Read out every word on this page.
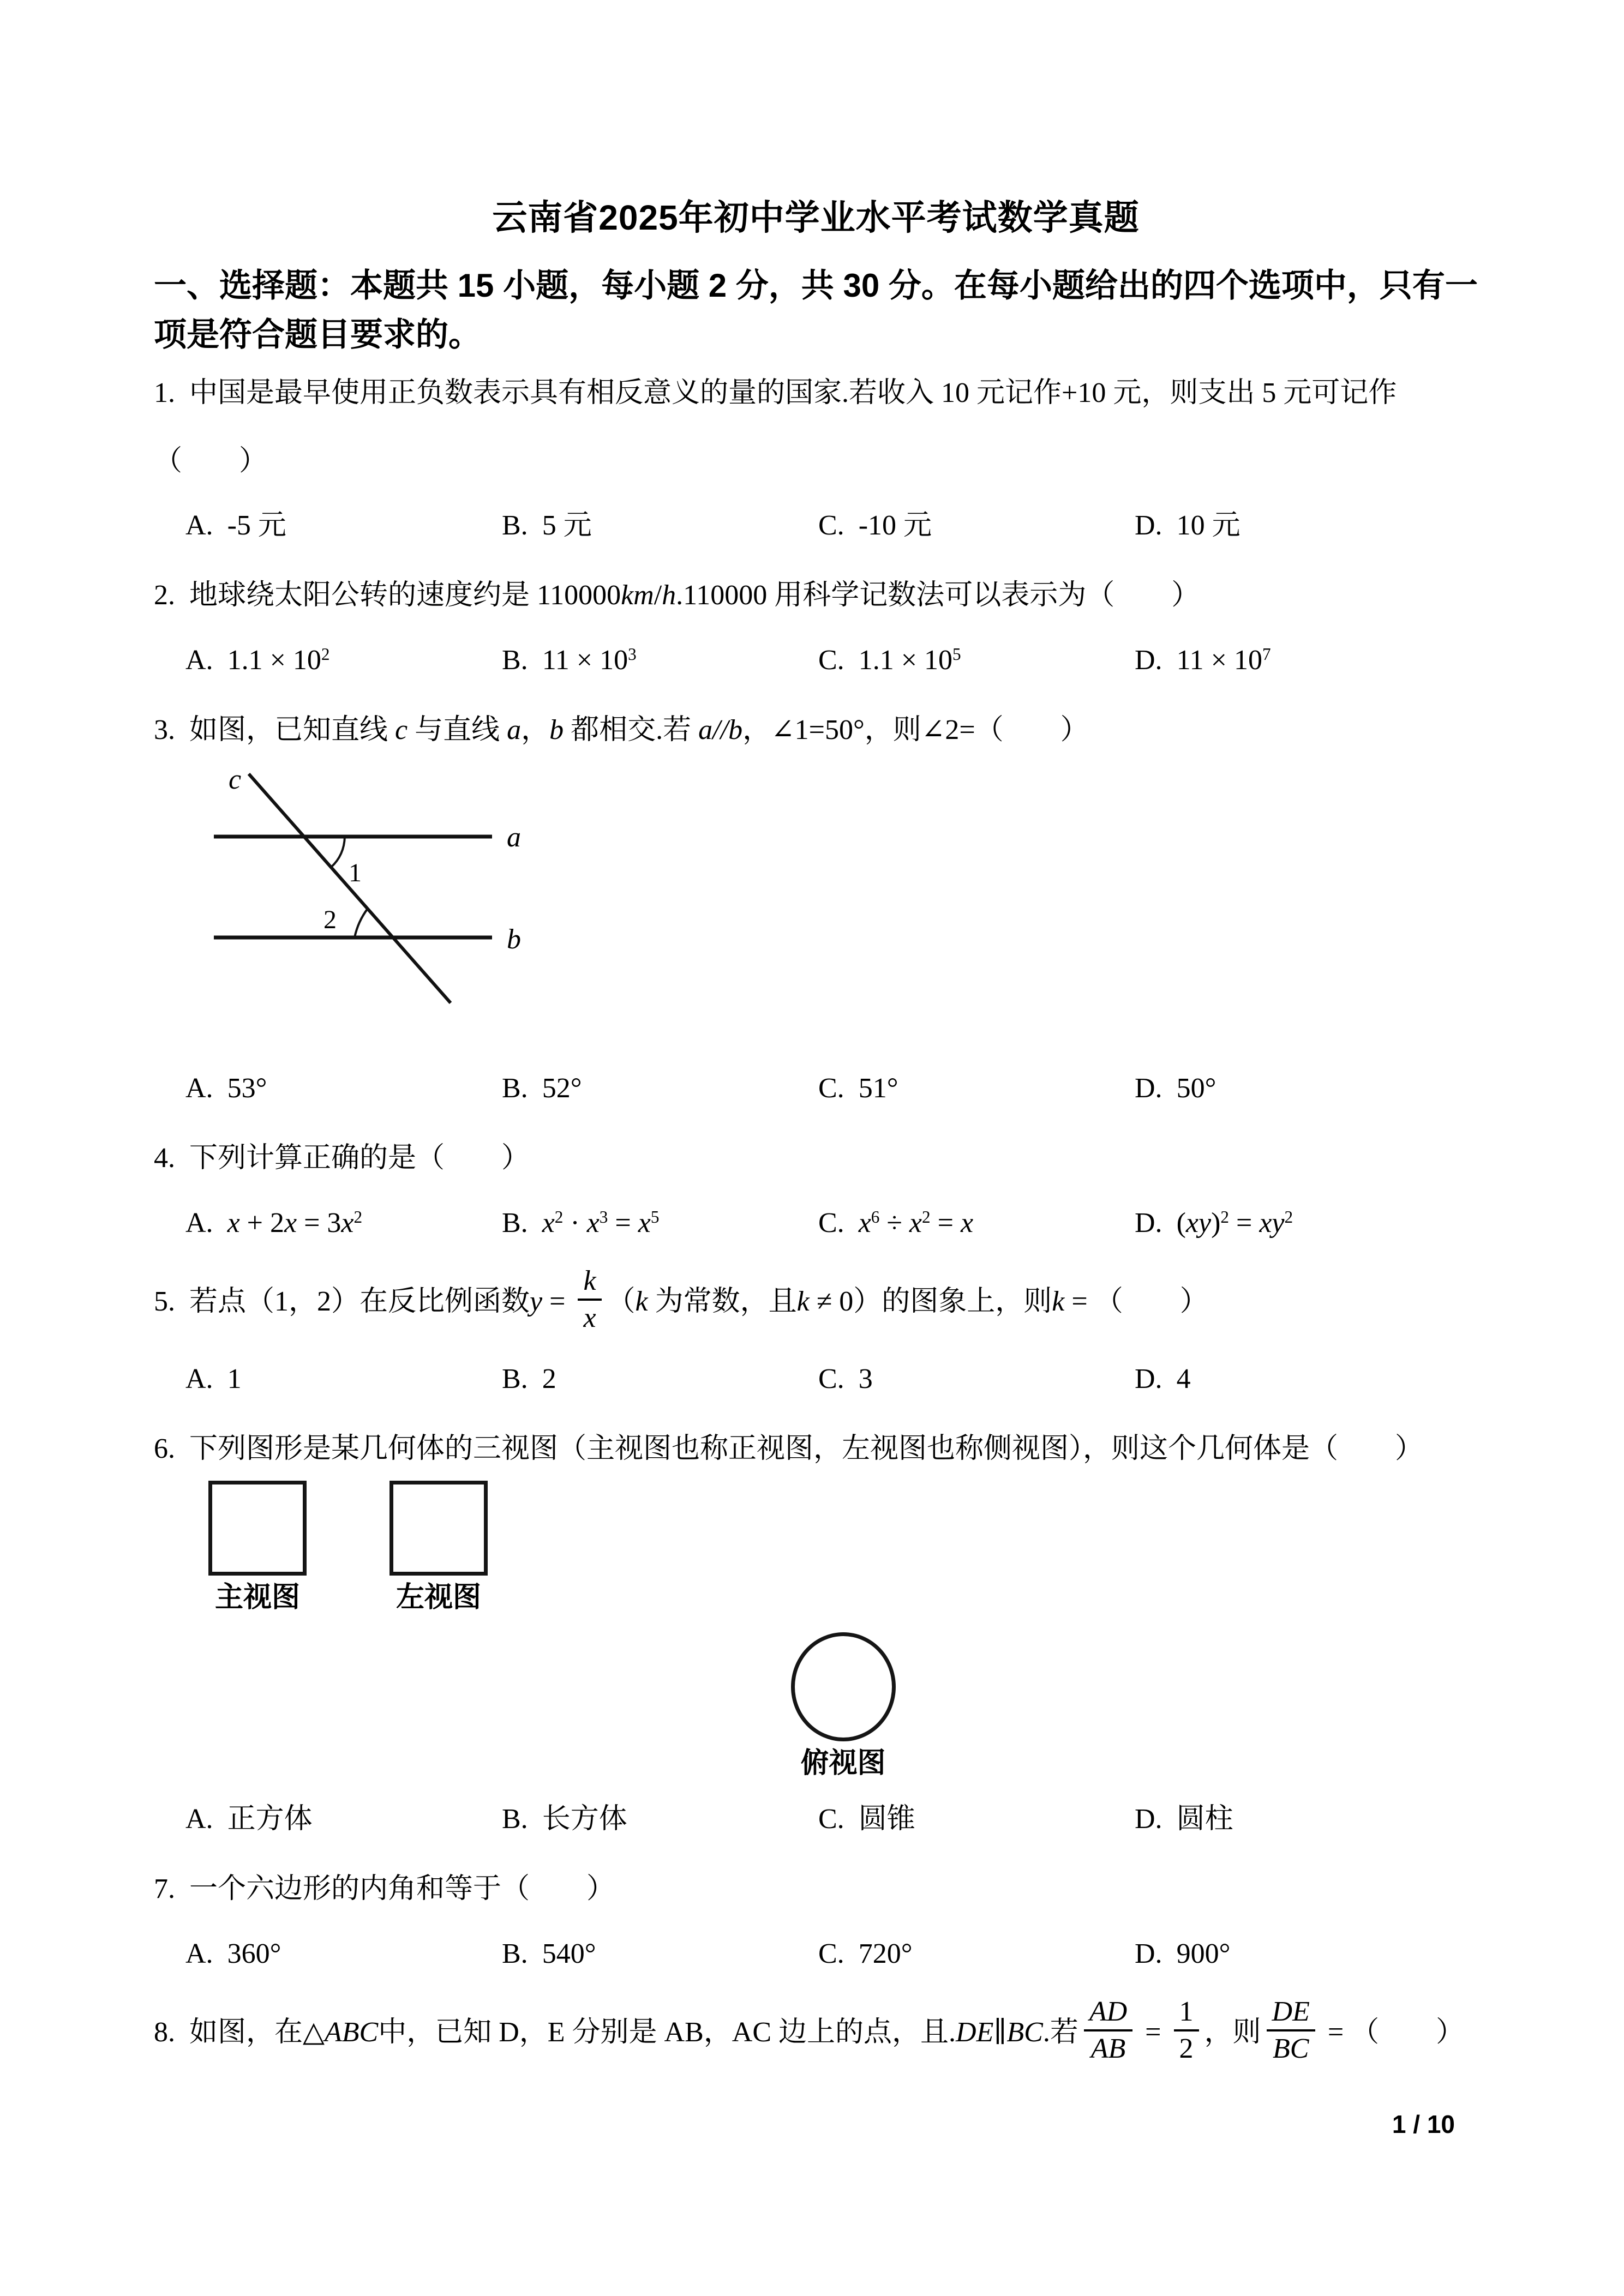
云南省2025年初中学业水平考试数学真题

一、选择题：本题共 15 小题，每小题 2 分，共 30 分。在每小题给出的四个选项中，只有一项是符合题目要求的。

1. 中国是最早使用正负数表示具有相反意义的量的国家.若收入 10 元记作+10 元，则支出 5 元可记作
（　　）
A. -5 元	B. 5 元	C. -10 元	D. 10 元
2. 地球绕太阳公转的速度约是 110000km/h.110000 用科学记数法可以表示为（　　）
A. $1.1 \times 10^2$	B. $11 \times 10^3$	C. $1.1 \times 10^5$	D. $11 \times 10^7$
3. 如图，已知直线 c 与直线 a，b 都相交.若 a//b，∠1=50°，则∠2=（　　）
c
a
b
1
2
A. 53°	B. 52°	C. 51°	D. 50°
4. 下列计算正确的是（　　）
A. $x + 2x = 3x^2$	B. $x^2 \cdot x^3 = x^5$	C. $x^6 \div x^2 = x$	D. $(xy)^2 = xy^2$
5. 若点（1，2）在反比例函数$y = \frac{k}{x} (k$ 为常数，且k ≠ 0）的图象上，则k = （　　）
A. 1	B. 2	C. 3	D. 4
6. 下列图形是某几何体的三视图（主视图也称正视图，左视图也称侧视图），则这个几何体是（　　）
主视图	左视图
俯视图
A. 正方体	B. 长方体	C. 圆锥	D. 圆柱
7. 一个六边形的内角和等于（　　）
A. 360°	B. 540°	C. 720°	D. 900°
8. 如图，在△ABC中，已知 D，E 分别是 AB，AC 边上的点，且.DE∥BC.若 $\frac{AD}{AB} = \frac{1}{2}$ ，则 $\frac{DE}{BC}$ = （　　）
1 / 10
